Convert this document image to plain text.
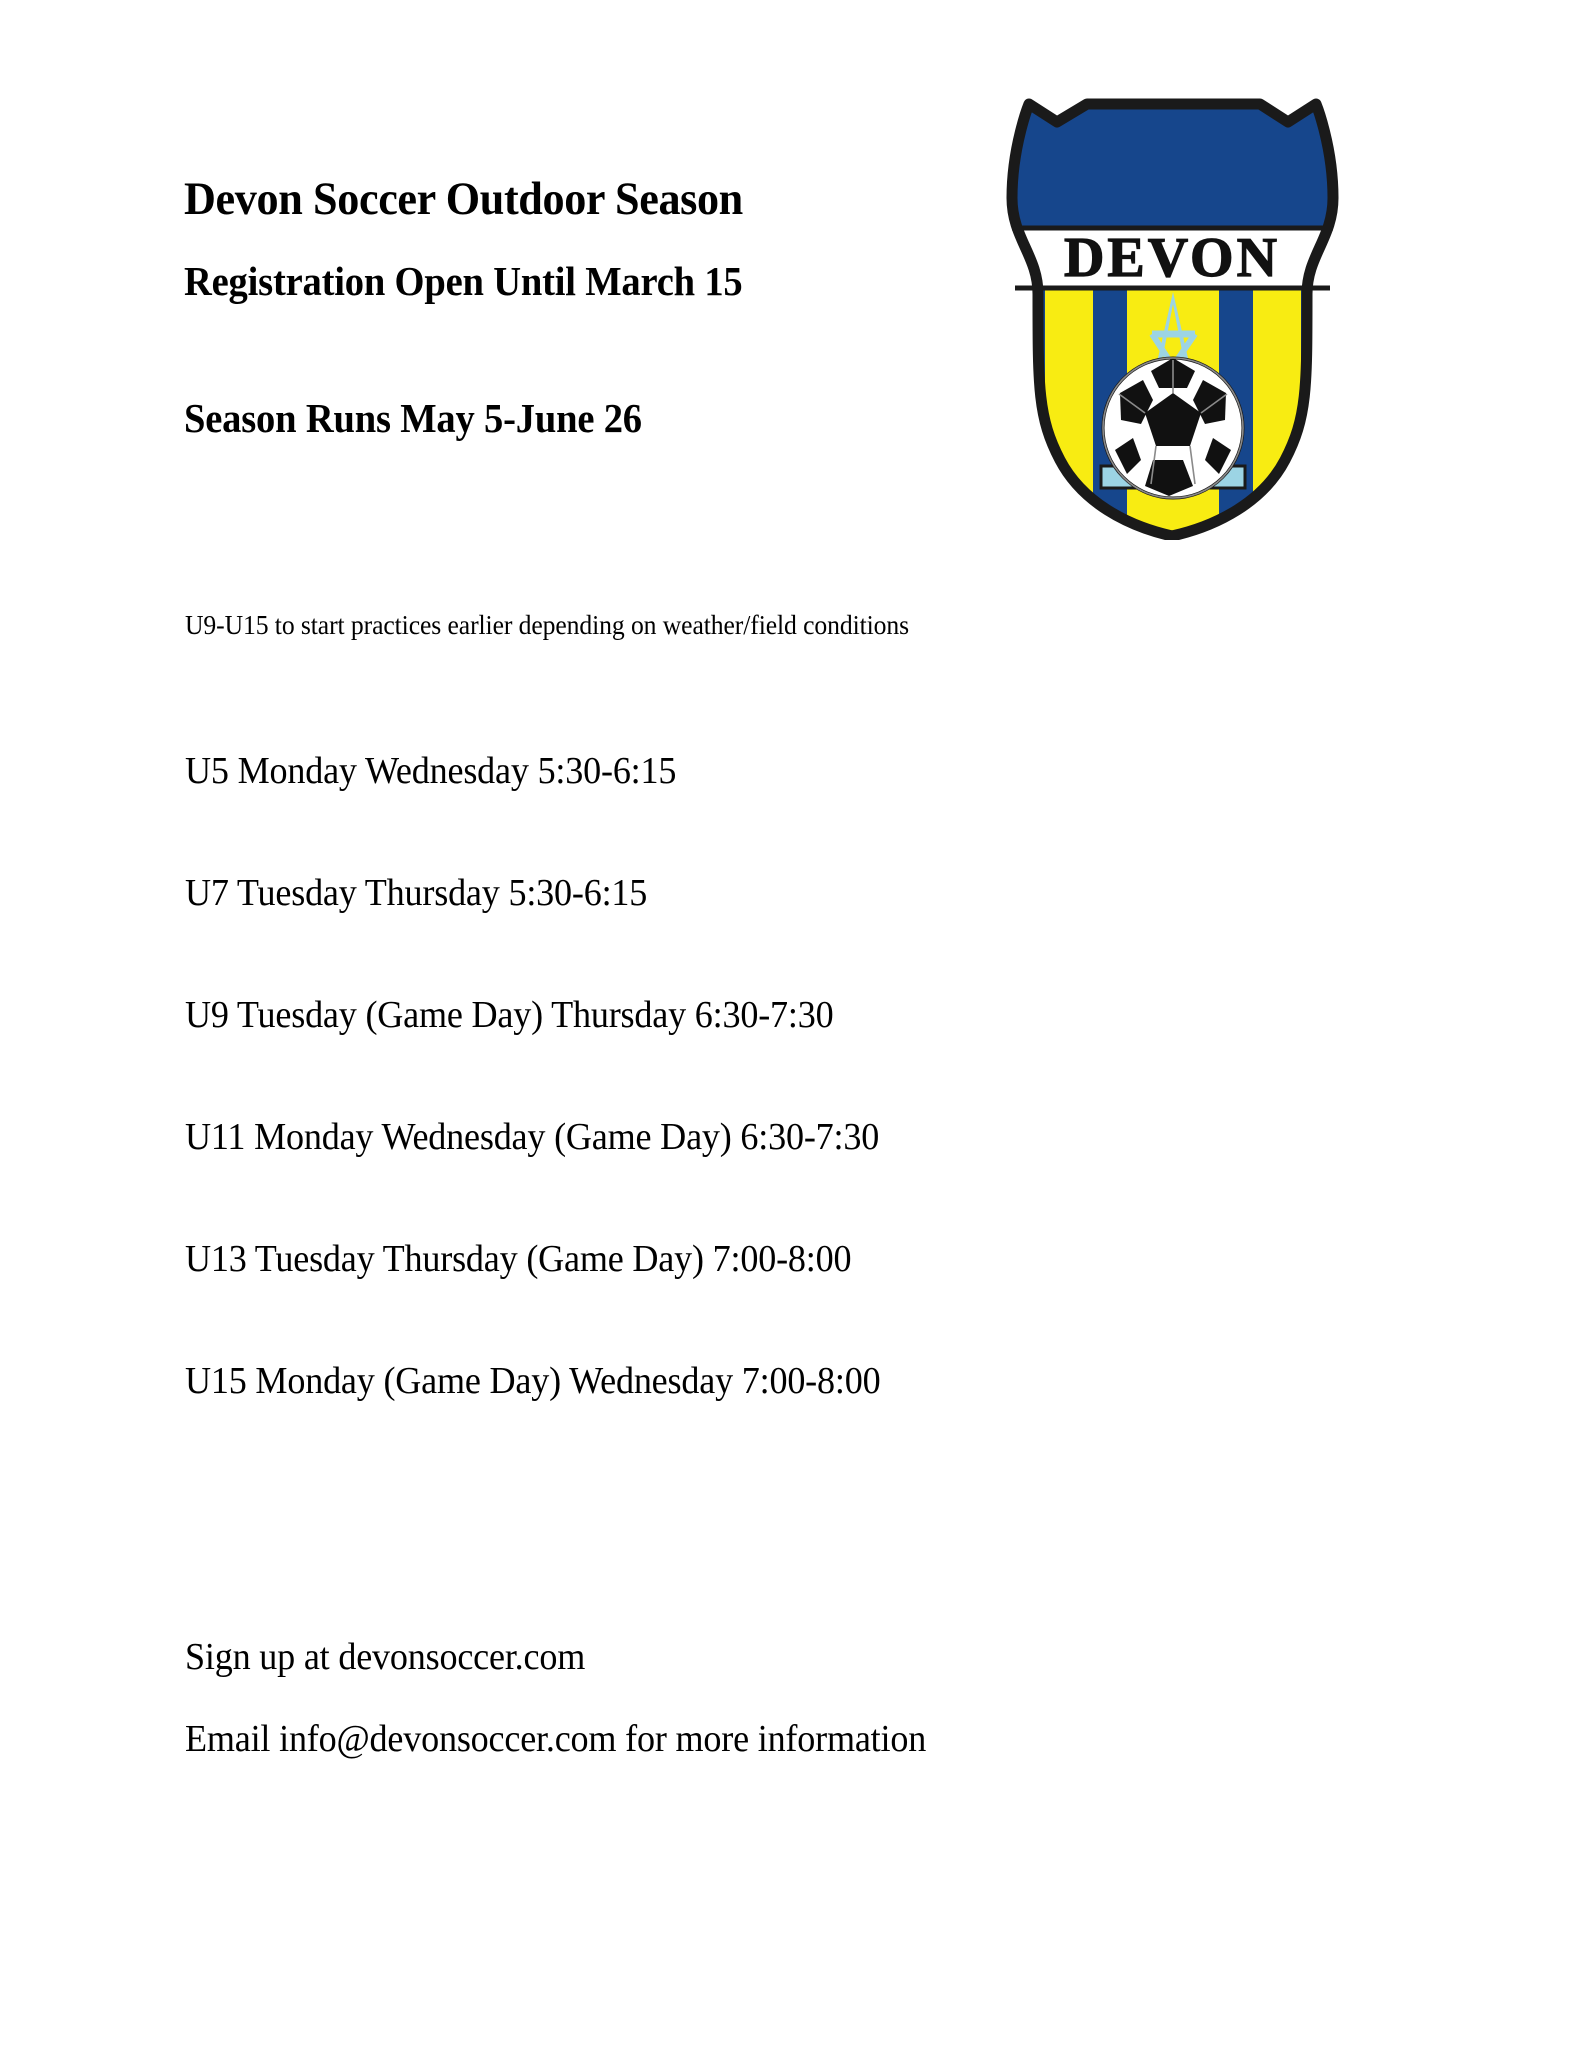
Devon Soccer Outdoor Season
Registration Open Until March 15
Season Runs May 5-June 26
U9-U15 to start practices earlier depending on weather/field conditions
U5 Monday Wednesday 5:30-6:15
U7 Tuesday Thursday 5:30-6:15
U9 Tuesday (Game Day) Thursday 6:30-7:30
U11 Monday Wednesday (Game Day) 6:30-7:30
U13 Tuesday Thursday (Game Day) 7:00-8:00
U15 Monday (Game Day) Wednesday 7:00-8:00
Sign up at devonsoccer.com
Email info@devonsoccer.com for more information
DEVON
